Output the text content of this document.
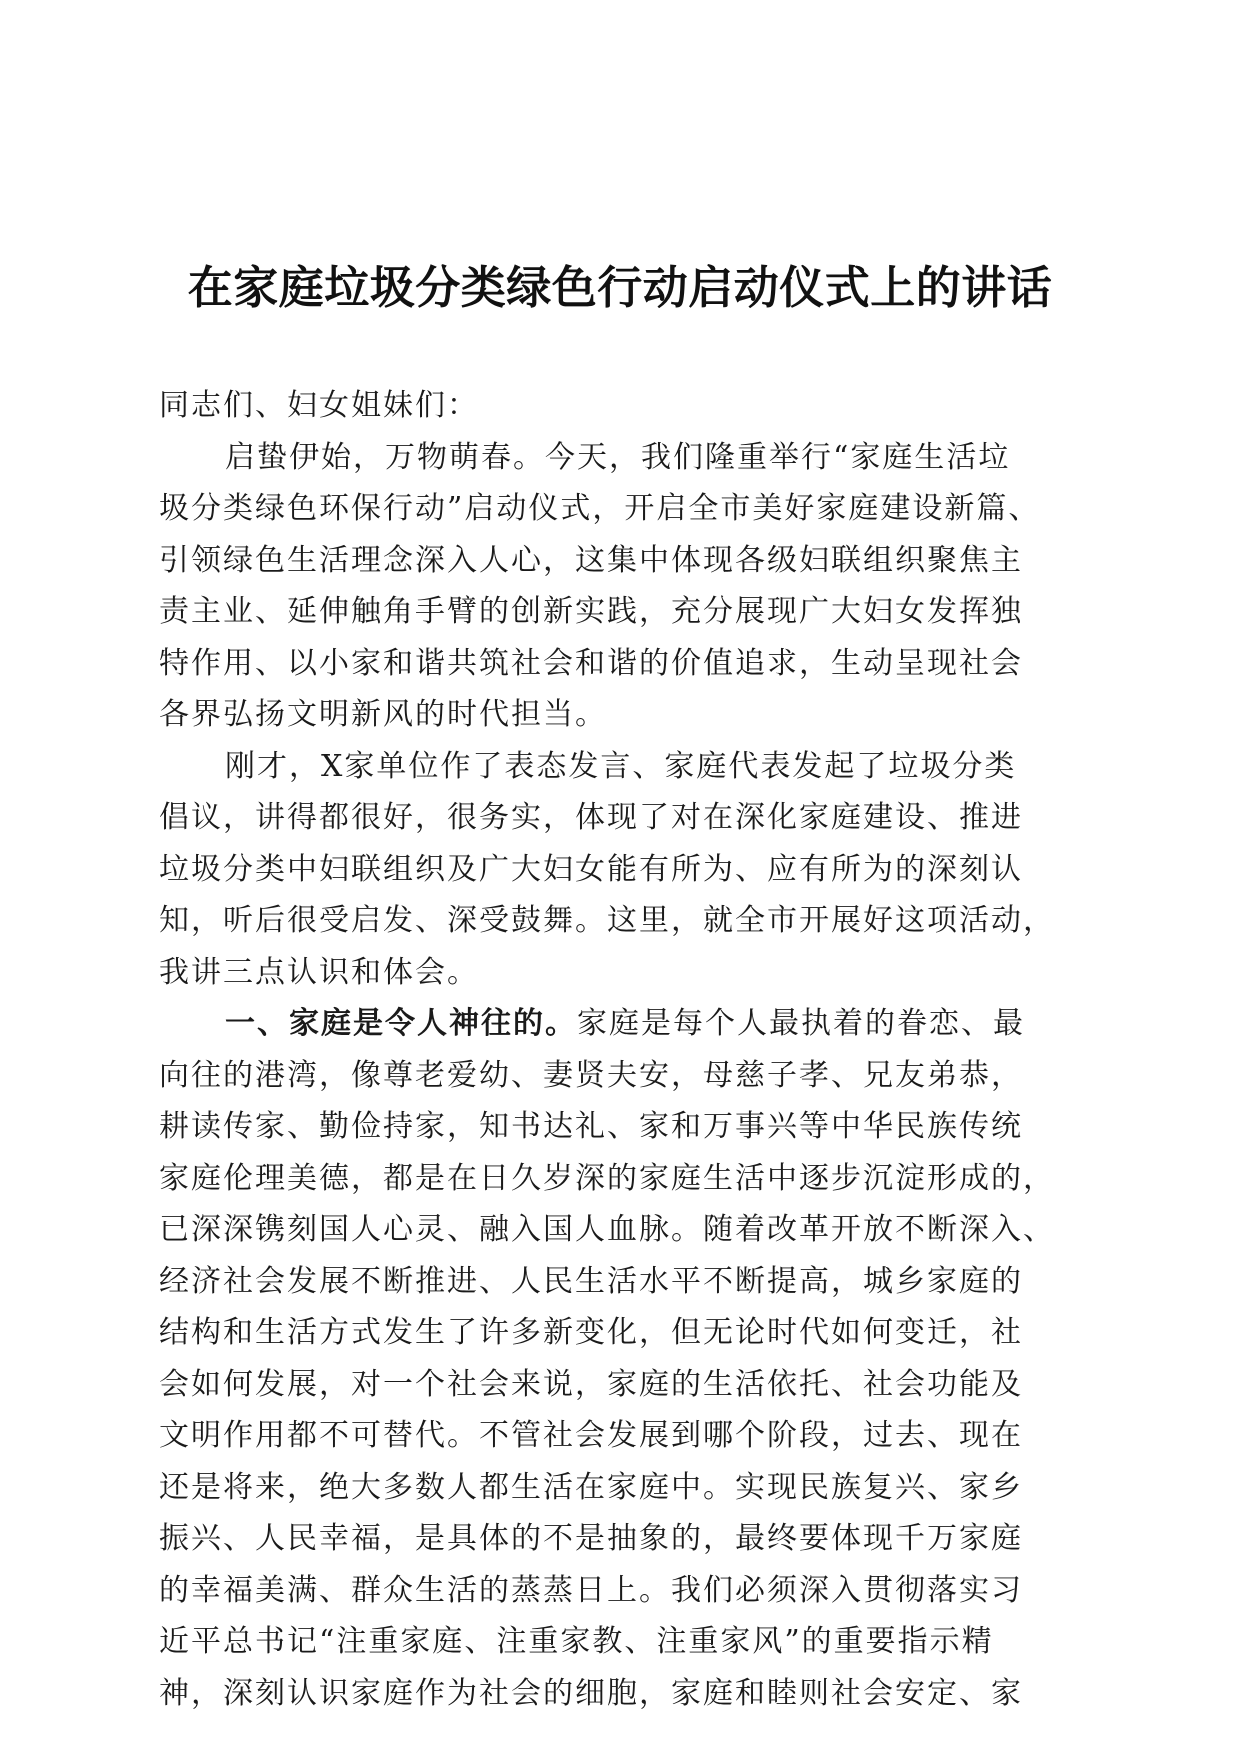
在家庭垃圾分类绿色行动启动仪式上的讲话
同志们、妇女姐妹们：
启蛰伊始，万物萌春。今天，我们隆重举行“家庭生活垃
圾分类绿色环保行动”启动仪式，开启全市美好家庭建设新篇、
引领绿色生活理念深入人心，这集中体现各级妇联组织聚焦主
责主业、延伸触角手臂的创新实践，充分展现广大妇女发挥独
特作用、以小家和谐共筑社会和谐的价值追求，生动呈现社会
各界弘扬文明新风的时代担当。
刚才，X家单位作了表态发言、家庭代表发起了垃圾分类
倡议，讲得都很好，很务实，体现了对在深化家庭建设、推进
垃圾分类中妇联组织及广大妇女能有所为、应有所为的深刻认
知，听后很受启发、深受鼓舞。这里，就全市开展好这项活动，
我讲三点认识和体会。
一、家庭是令人神往的。家庭是每个人最执着的眷恋、最
向往的港湾，像尊老爱幼、妻贤夫安，母慈子孝、兄友弟恭，
耕读传家、勤俭持家，知书达礼、家和万事兴等中华民族传统
家庭伦理美德，都是在日久岁深的家庭生活中逐步沉淀形成的，
已深深镌刻国人心灵、融入国人血脉。随着改革开放不断深入、
经济社会发展不断推进、人民生活水平不断提高，城乡家庭的
结构和生活方式发生了许多新变化，但无论时代如何变迁，社
会如何发展，对一个社会来说，家庭的生活依托、社会功能及
文明作用都不可替代。不管社会发展到哪个阶段，过去、现在
还是将来，绝大多数人都生活在家庭中。实现民族复兴、家乡
振兴、人民幸福，是具体的不是抽象的，最终要体现千万家庭
的幸福美满、群众生活的蒸蒸日上。我们必须深入贯彻落实习
近平总书记“注重家庭、注重家教、注重家风”的重要指示精
神，深刻认识家庭作为社会的细胞，家庭和睦则社会安定、家
